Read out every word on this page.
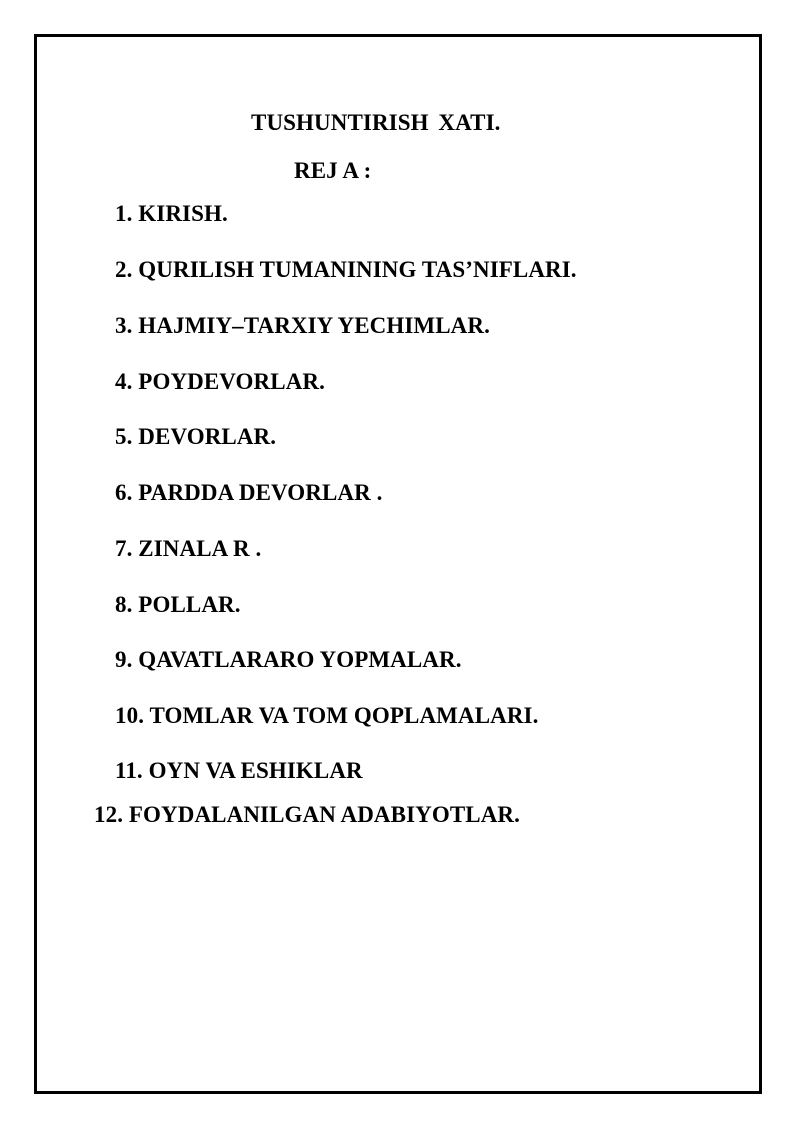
TUSHUNTIRISH XATI.
REJ A :
1. KIRISH.
2. QURILISH TUMANINING TAS’NIFLARI.
3. HAJMIY–TARXIY YECHIMLAR.
4. POYDEVORLAR.
5. DEVORLAR.
6. PARDDA DEVORLAR .
7. ZINALA R .
8. POLLAR.
9. QAVATLARARO YOPMALAR.
10. TOMLAR VA TOM QOPLAMALARI.
11. OYN VA ESHIKLAR
12. FOYDALANILGAN ADABIYOTLAR.
